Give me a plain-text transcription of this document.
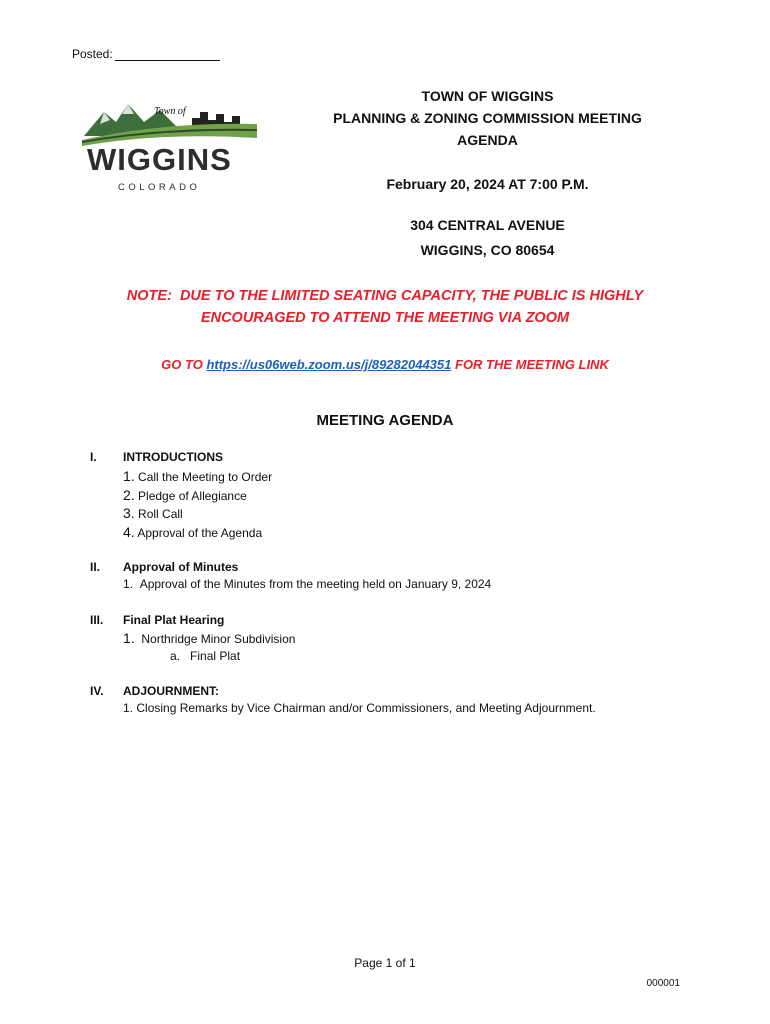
Posted:
Town of
WIGGINS
COLORADO
TOWN OF WIGGINS
PLANNING & ZONING COMMISSION MEETING
AGENDA
February 20, 2024 AT 7:00 P.M.
304 CENTRAL AVENUE
WIGGINS, CO 80654
NOTE:  DUE TO THE LIMITED SEATING CAPACITY, THE PUBLIC IS HIGHLY
ENCOURAGED TO ATTEND THE MEETING VIA ZOOM
GO TO https://us06web.zoom.us/j/89282044351 FOR THE MEETING LINK
MEETING AGENDA
I. INTRODUCTIONS
1. Call the Meeting to Order
2. Pledge of Allegiance
3. Roll Call
4. Approval of the Agenda
II. Approval of Minutes
1. Approval of the Minutes from the meeting held on January 9, 2024
III. Final Plat Hearing
1. Northridge Minor Subdivision
a. Final Plat
IV. ADJOURNMENT:
1. Closing Remarks by Vice Chairman and/or Commissioners, and Meeting Adjournment.
Page 1 of 1
000001
